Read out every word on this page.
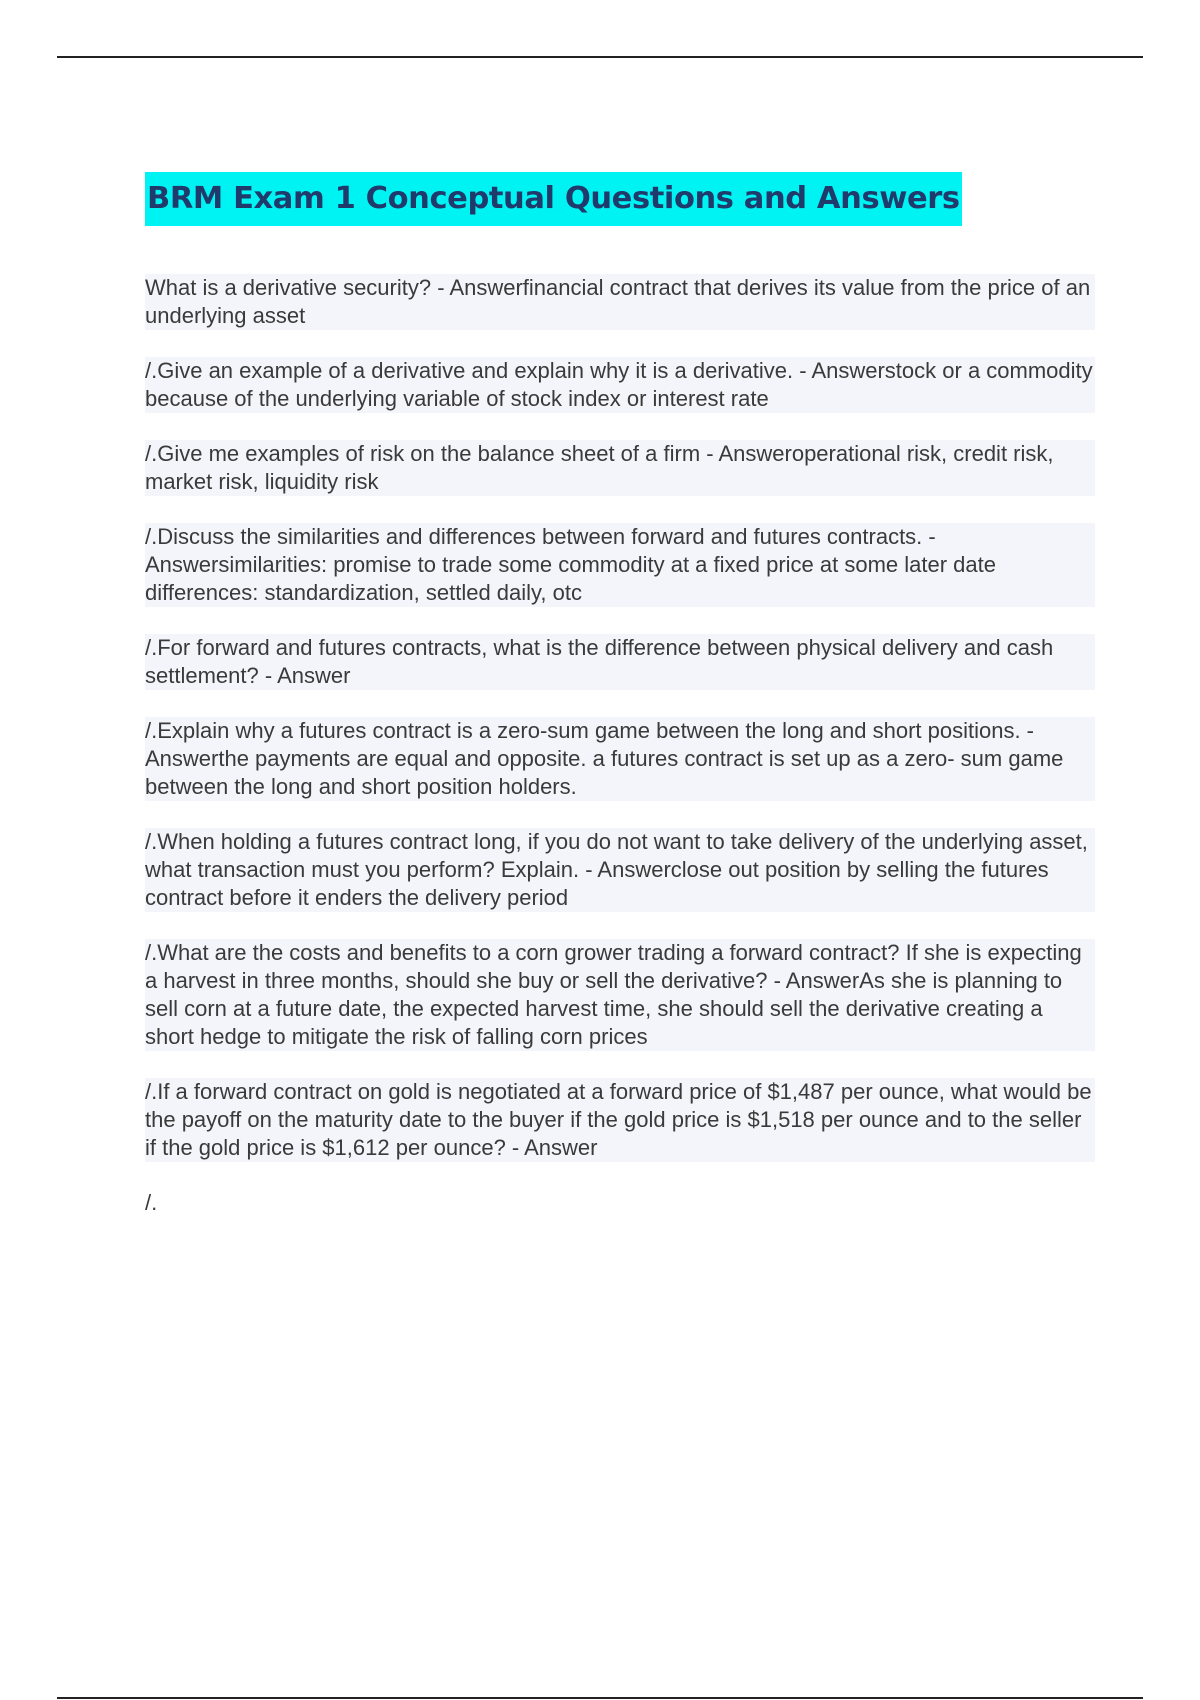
BRM Exam 1 Conceptual Questions and Answers

What is a derivative security? - Answerfinancial contract that derives its value from the price of an underlying asset

/.Give an example of a derivative and explain why it is a derivative. - Answerstock or a commodity because of the underlying variable of stock index or interest rate

/.Give me examples of risk on the balance sheet of a firm - Answeroperational risk, credit risk, market risk, liquidity risk

/.Discuss the similarities and differences between forward and futures contracts. - Answersimilarities: promise to trade some commodity at a fixed price at some later date differences: standardization, settled daily, otc

/.For forward and futures contracts, what is the difference between physical delivery and cash settlement? - Answer

/.Explain why a futures contract is a zero-sum game between the long and short positions. - Answerthe payments are equal and opposite. a futures contract is set up as a zero- sum game between the long and short position holders.

/.When holding a futures contract long, if you do not want to take delivery of the underlying asset, what transaction must you perform? Explain. - Answerclose out position by selling the futures contract before it enders the delivery period

/.What are the costs and benefits to a corn grower trading a forward contract? If she is expecting a harvest in three months, should she buy or sell the derivative? - AnswerAs she is planning to sell corn at a future date, the expected harvest time, she should sell the derivative creating a short hedge to mitigate the risk of falling corn prices

/.If a forward contract on gold is negotiated at a forward price of $1,487 per ounce, what would be the payoff on the maturity date to the buyer if the gold price is $1,518 per ounce and to the seller if the gold price is $1,612 per ounce? - Answer

/.
